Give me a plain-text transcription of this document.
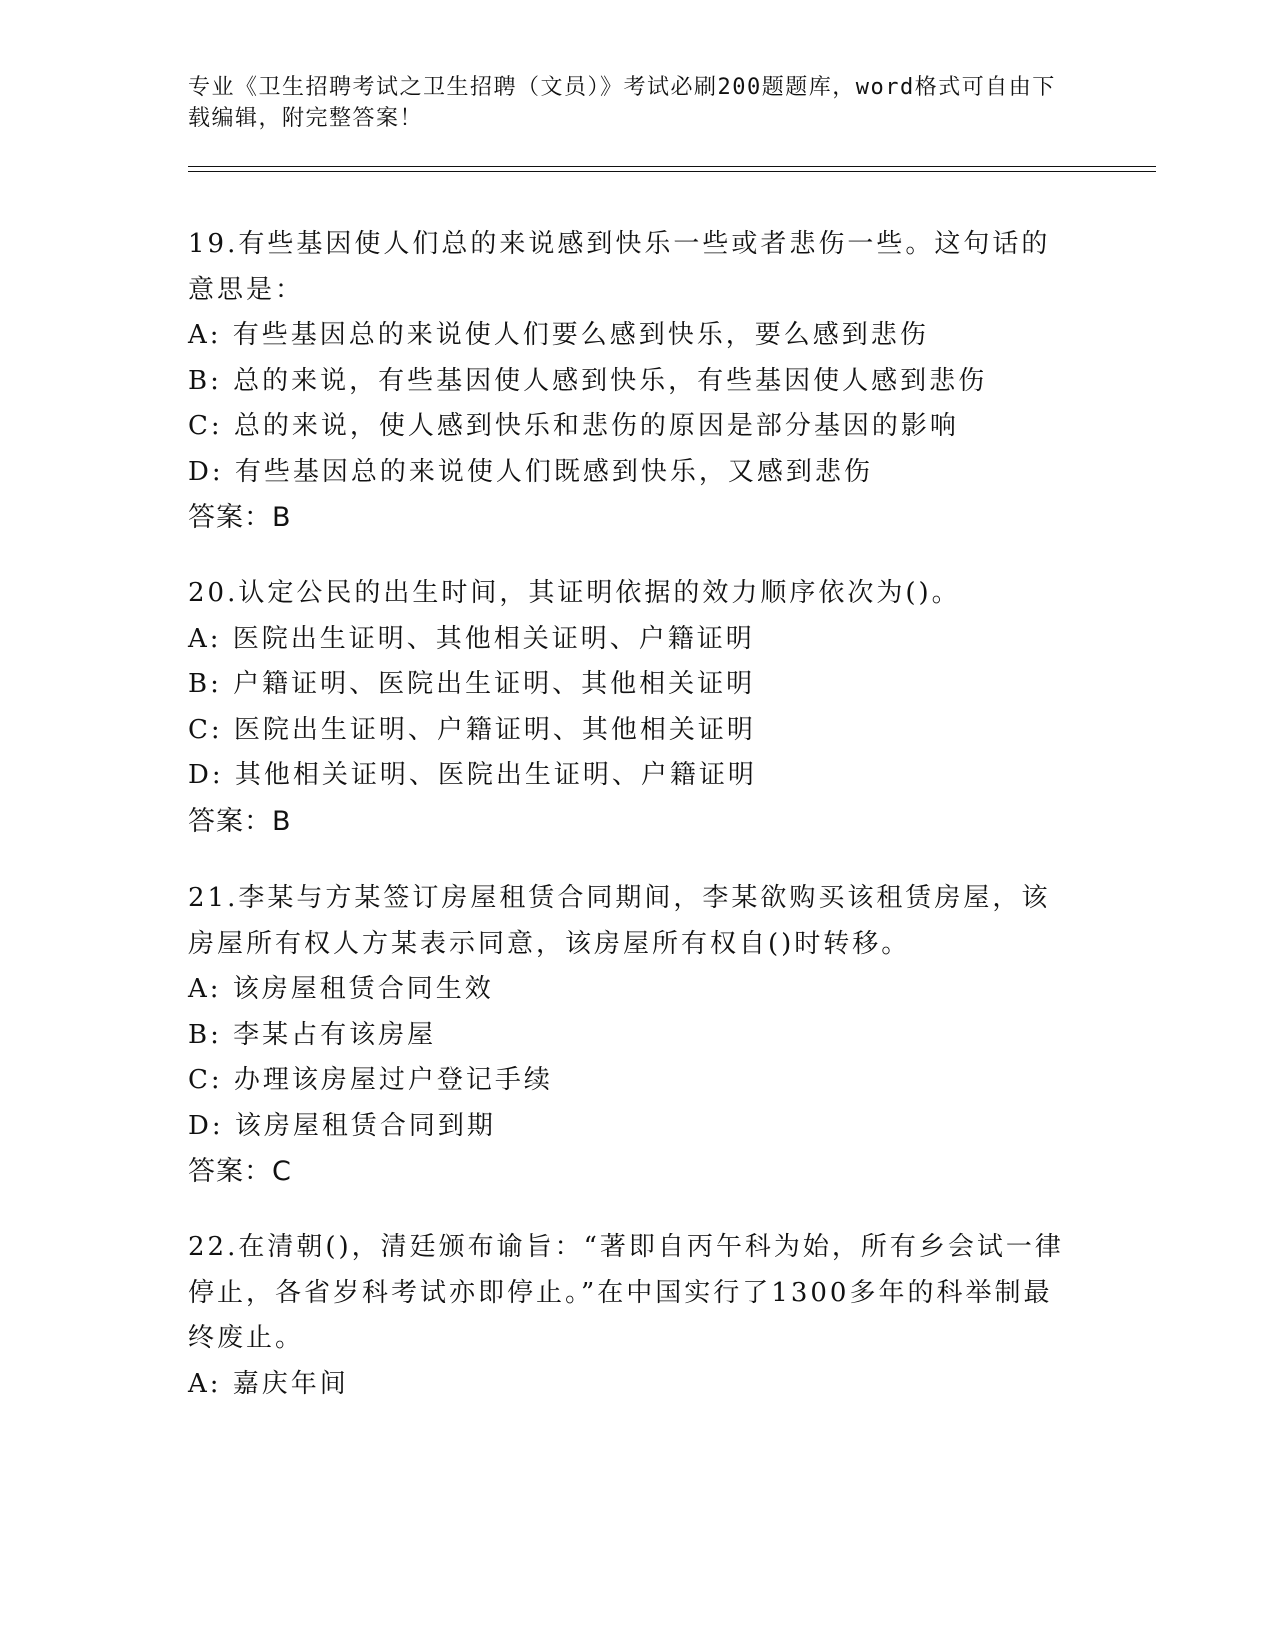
专业《卫生招聘考试之卫生招聘（文员）》考试必刷200题题库，word格式可自由下载编辑，附完整答案！

19.有些基因使人们总的来说感到快乐一些或者悲伤一些。这句话的意思是：

A: 有些基因总的来说使人们要么感到快乐，要么感到悲伤

B: 总的来说，有些基因使人感到快乐，有些基因使人感到悲伤

C: 总的来说，使人感到快乐和悲伤的原因是部分基因的影响

D: 有些基因总的来说使人们既感到快乐，又感到悲伤

答案：B

20.认定公民的出生时间，其证明依据的效力顺序依次为()。

A: 医院出生证明、其他相关证明、户籍证明

B: 户籍证明、医院出生证明、其他相关证明

C: 医院出生证明、户籍证明、其他相关证明

D: 其他相关证明、医院出生证明、户籍证明

答案：B

21.李某与方某签订房屋租赁合同期间，李某欲购买该租赁房屋，该房屋所有权人方某表示同意，该房屋所有权自()时转移。

A: 该房屋租赁合同生效

B: 李某占有该房屋

C: 办理该房屋过户登记手续

D: 该房屋租赁合同到期

答案：C

22.在清朝()，清廷颁布谕旨：“著即自丙午科为始，所有乡会试一律停止，各省岁科考试亦即停止。”在中国实行了1300多年的科举制最终废止。

A: 嘉庆年间
